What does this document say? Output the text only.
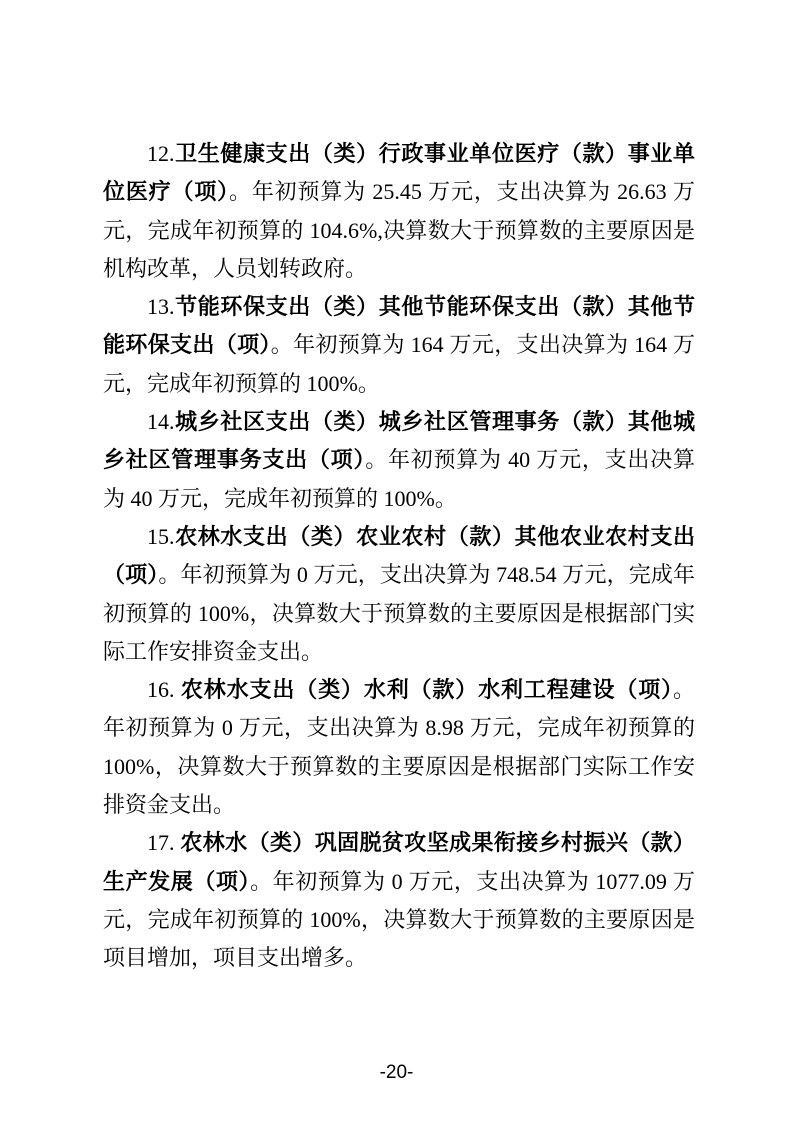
12.卫生健康支出（类）行政事业单位医疗（款）事业单位医疗（项）。年初预算为 25.45 万元，支出决算为 26.63 万元，完成年初预算的 104.6%,决算数大于预算数的主要原因是机构改革，人员划转政府。

13.节能环保支出（类）其他节能环保支出（款）其他节能环保支出（项）。年初预算为 164 万元，支出决算为 164 万元，完成年初预算的 100%。

14.城乡社区支出（类）城乡社区管理事务（款）其他城乡社区管理事务支出（项）。年初预算为 40 万元，支出决算为 40 万元，完成年初预算的 100%。

15.农林水支出（类）农业农村（款）其他农业农村支出（项）。年初预算为 0 万元，支出决算为 748.54 万元，完成年初预算的 100%，决算数大于预算数的主要原因是根据部门实际工作安排资金支出。

16. 农林水支出（类）水利（款）水利工程建设（项）。年初预算为 0 万元，支出决算为 8.98 万元，完成年初预算的 100%，决算数大于预算数的主要原因是根据部门实际工作安排资金支出。

17. 农林水（类）巩固脱贫攻坚成果衔接乡村振兴（款）生产发展（项）。年初预算为 0 万元，支出决算为 1077.09 万元，完成年初预算的 100%，决算数大于预算数的主要原因是项目增加，项目支出增多。

-20-
